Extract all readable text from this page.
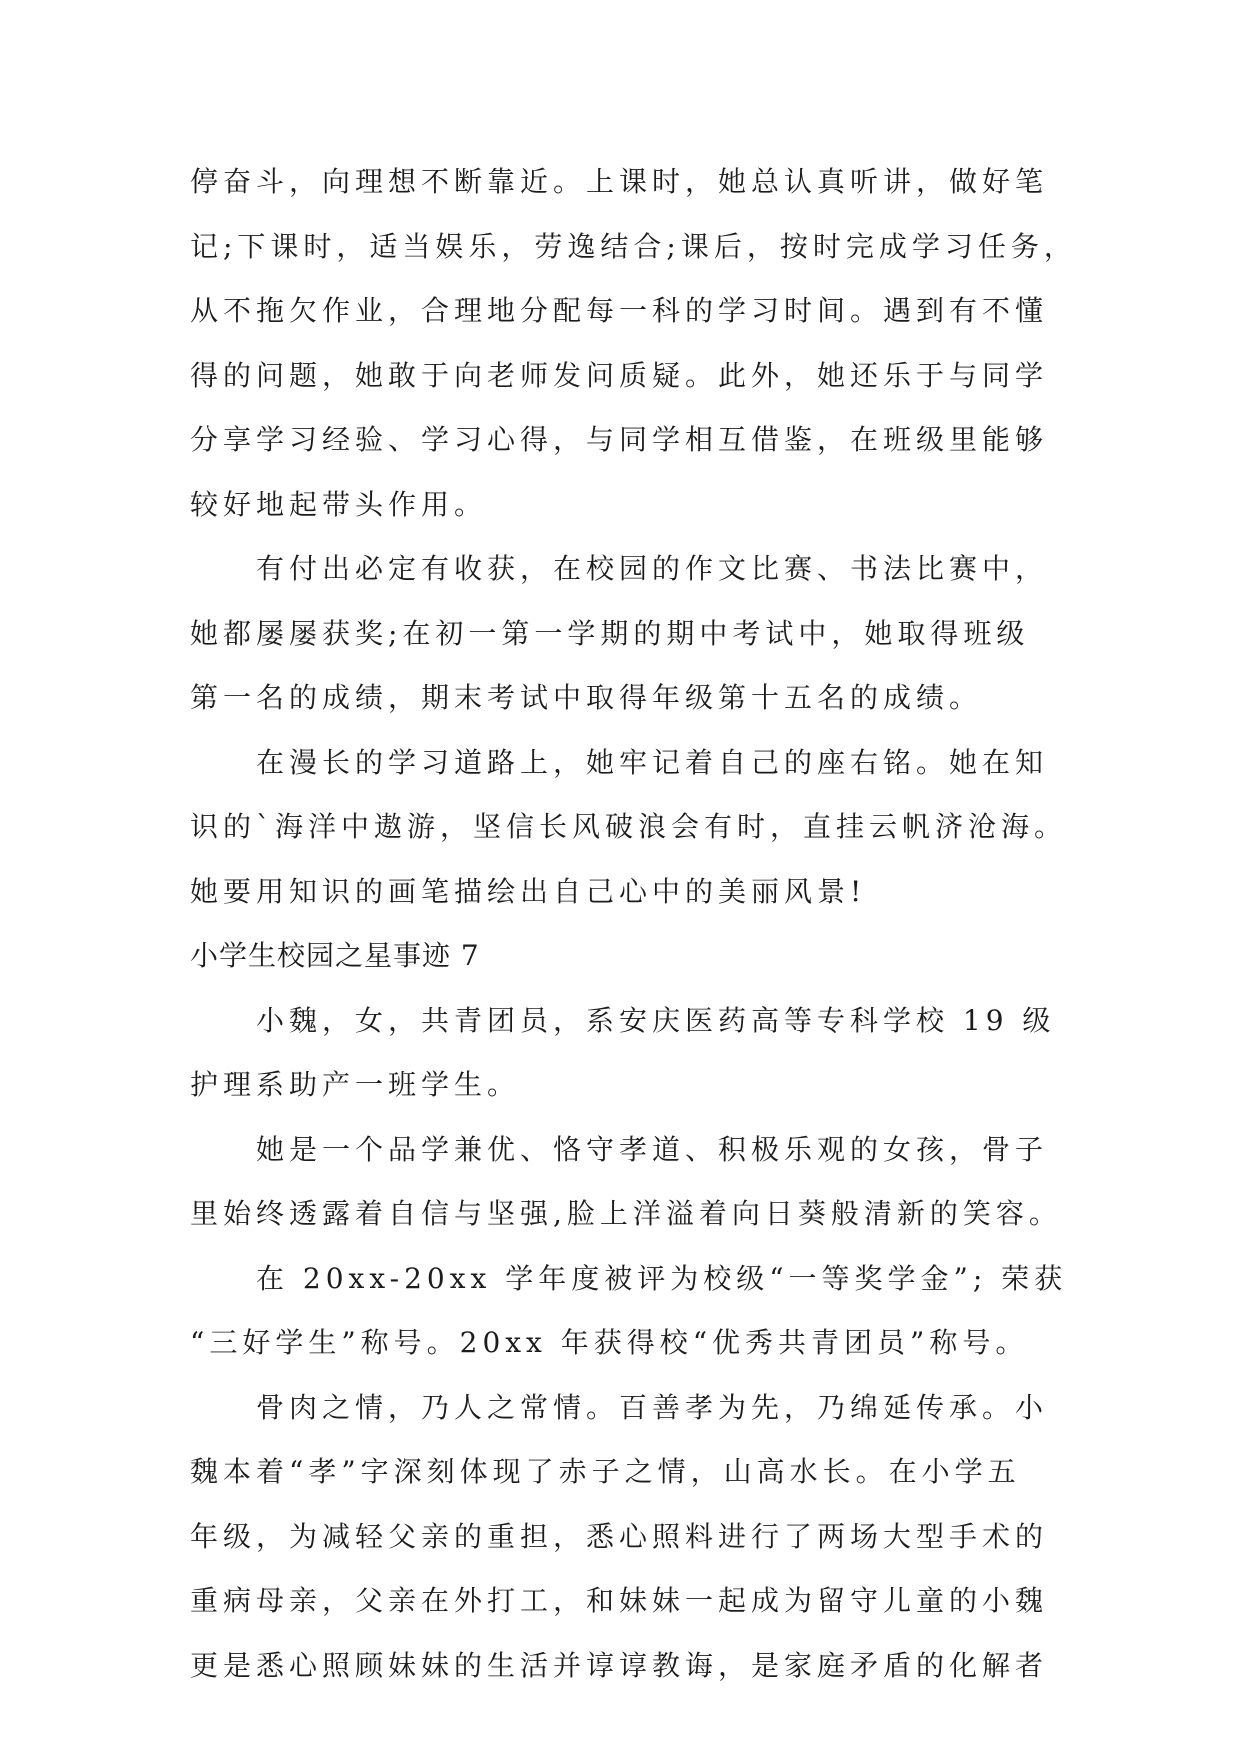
停奋斗，向理想不断靠近。上课时，她总认真听讲，做好笔
记;下课时，适当娱乐，劳逸结合;课后，按时完成学习任务，
从不拖欠作业，合理地分配每一科的学习时间。遇到有不懂
得的问题，她敢于向老师发问质疑。此外，她还乐于与同学
分享学习经验、学习心得，与同学相互借鉴，在班级里能够
较好地起带头作用。
有付出必定有收获，在校园的作文比赛、书法比赛中，
她都屡屡获奖;在初一第一学期的期中考试中，她取得班级
第一名的成绩，期末考试中取得年级第十五名的成绩。
在漫长的学习道路上，她牢记着自己的座右铭。她在知
识的`海洋中遨游，坚信长风破浪会有时，直挂云帆济沧海。
她要用知识的画笔描绘出自己心中的美丽风景!
小学生校园之星事迹 7
小魏，女，共青团员，系安庆医药高等专科学校 19 级
护理系助产一班学生。
她是一个品学兼优、恪守孝道、积极乐观的女孩，骨子
里始终透露着自信与坚强,脸上洋溢着向日葵般清新的笑容。
在 20xx-20xx 学年度被评为校级“一等奖学金”; 荣获
“三好学生”称号。20xx 年获得校“优秀共青团员”称号。
骨肉之情，乃人之常情。百善孝为先，乃绵延传承。小
魏本着“孝”字深刻体现了赤子之情，山高水长。在小学五
年级，为减轻父亲的重担，悉心照料进行了两场大型手术的
重病母亲，父亲在外打工，和妹妹一起成为留守儿童的小魏
更是悉心照顾妹妹的生活并谆谆教诲，是家庭矛盾的化解者
